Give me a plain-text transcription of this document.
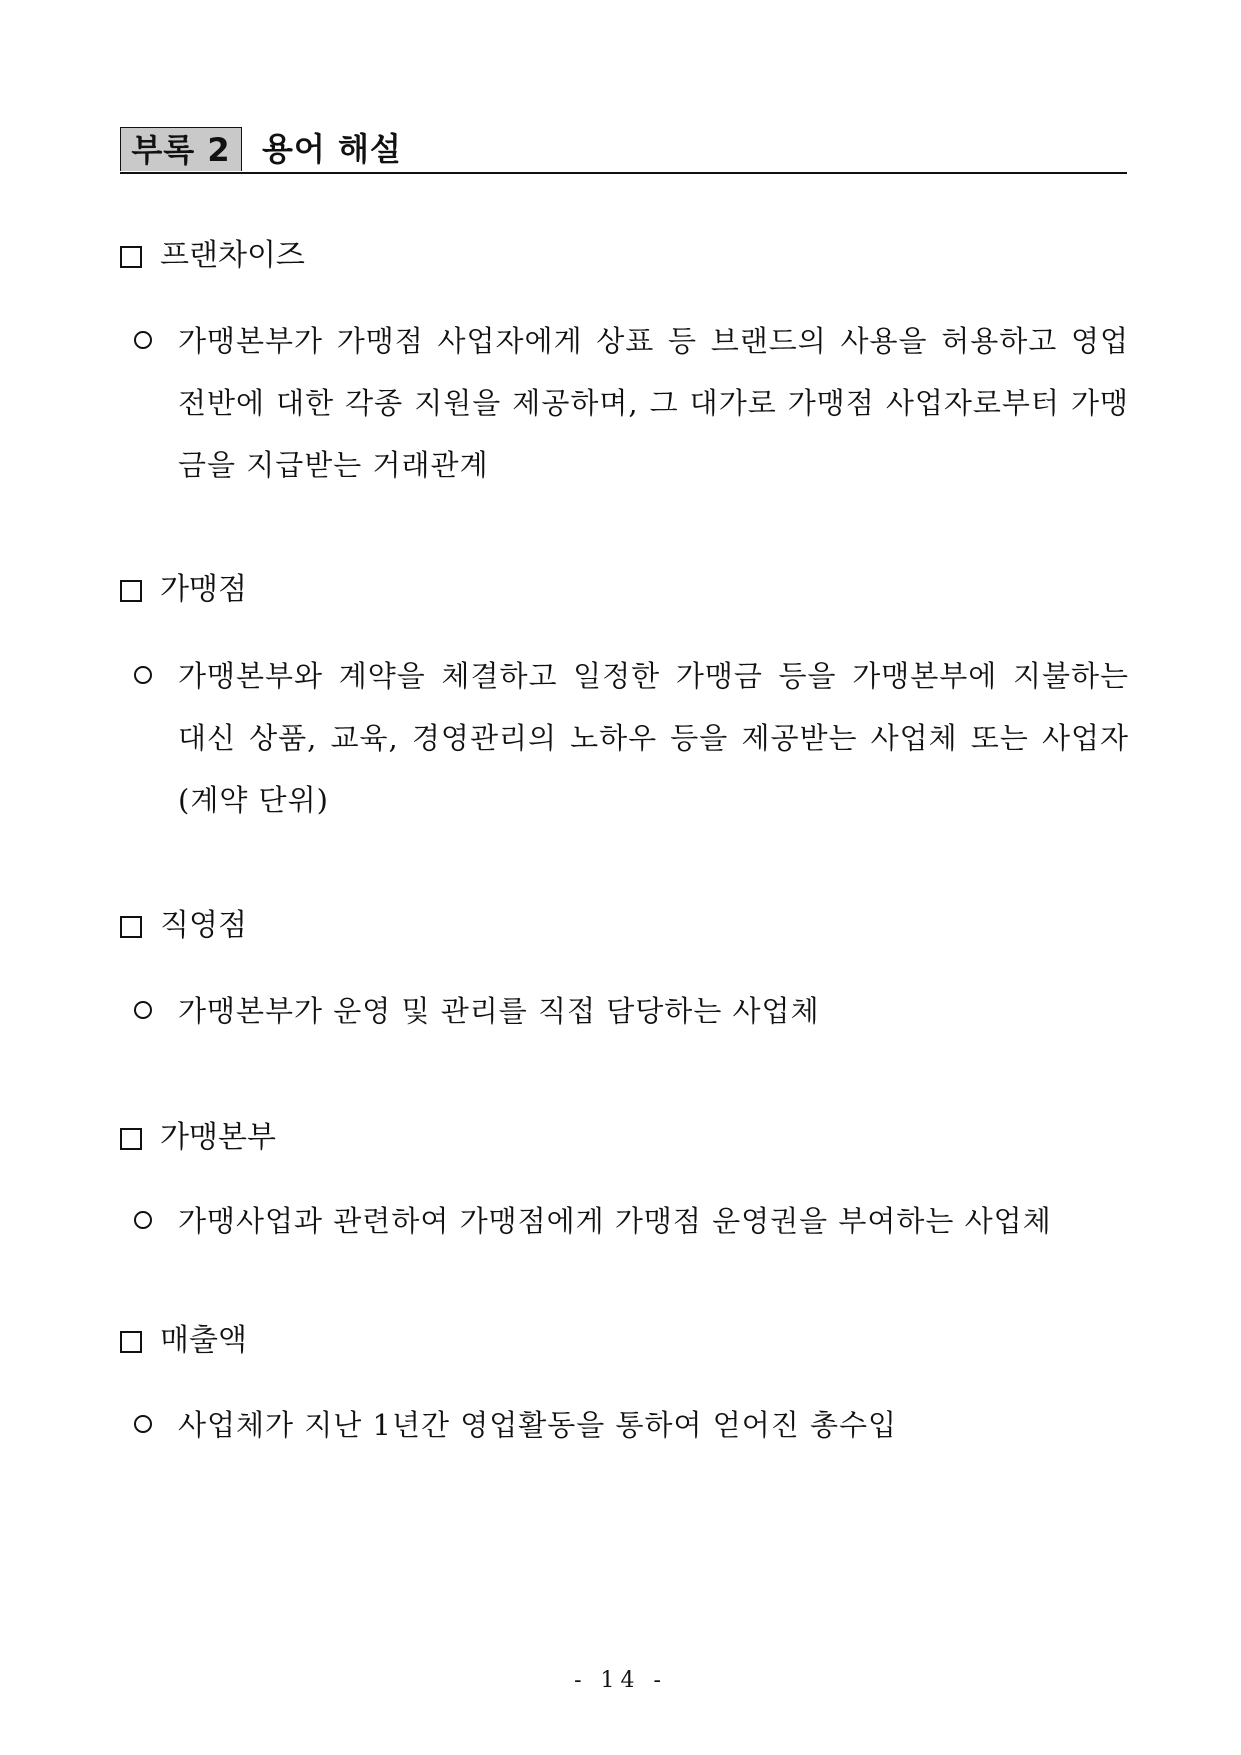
부록 2 용어 해설
프랜차이즈
가맹본부가 가맹점 사업자에게 상표 등 브랜드의 사용을 허용하고 영업 전반에 대한 각종 지원을 제공하며, 그 대가로 가맹점 사업자로부터 가맹금을 지급받는 거래관계
가맹점
가맹본부와 계약을 체결하고 일정한 가맹금 등을 가맹본부에 지불하는 대신 상품, 교육, 경영관리의 노하우 등을 제공받는 사업체 또는 사업자(계약 단위)
직영점
가맹본부가 운영 및 관리를 직접 담당하는 사업체
가맹본부
가맹사업과 관련하여 가맹점에게 가맹점 운영권을 부여하는 사업체
매출액
사업체가 지난 1년간 영업활동을 통하여 얻어진 총수입
- 14 -
